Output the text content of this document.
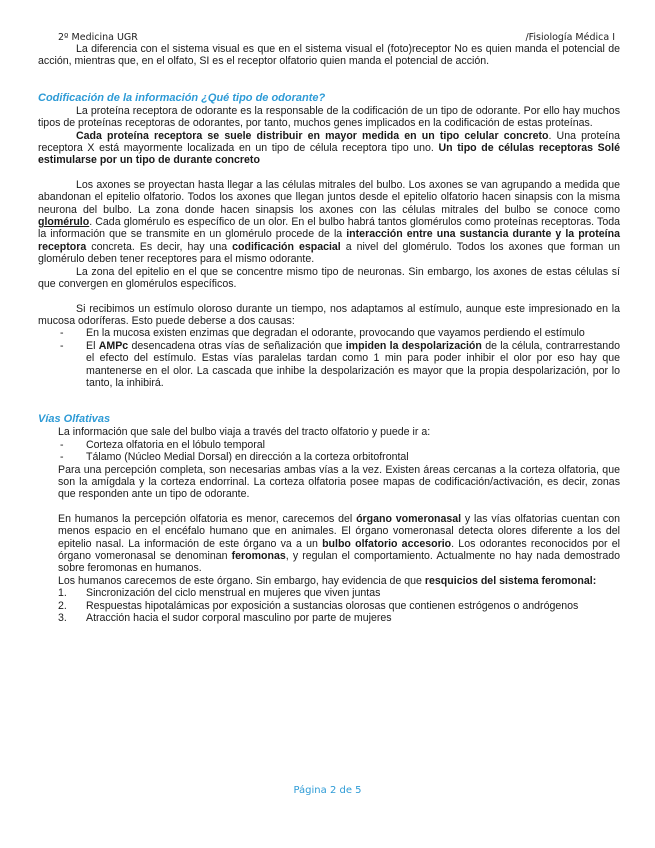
2º Medicina UGR	/Fisiología Médica I

La diferencia con el sistema visual es que en el sistema visual el (foto)receptor No es quien manda el potencial de acción, mientras que, en el olfato, SI es el receptor olfatorio quien manda el potencial de acción.

Codificación de la información ¿Qué tipo de odorante?

La proteína receptora de odorante es la responsable de la codificación de un tipo de odorante. Por ello hay muchos tipos de proteínas receptoras de odorantes, por tanto, muchos genes implicados en la codificación de estas proteínas.

Cada proteína receptora se suele distribuir en mayor medida en un tipo celular concreto. Una proteína receptora X está mayormente localizada en un tipo de célula receptora tipo uno. Un tipo de células receptoras Solé estimularse por un tipo de durante concreto

Los axones se proyectan hasta llegar a las células mitrales del bulbo. Los axones se van agrupando a medida que abandonan el epitelio olfatorio. Todos los axones que llegan juntos desde el epitelio olfatorio hacen sinapsis con la misma neurona del bulbo. La zona donde hacen sinapsis los axones con las células mitrales del bulbo se conoce como glomérulo. Cada glomérulo es específico de un olor. En el bulbo habrá tantos glomérulos como proteínas receptoras. Toda la información que se transmite en un glomérulo procede de la interacción entre una sustancia durante y la proteína receptora concreta. Es decir, hay una codificación espacial a nivel del glomérulo. Todos los axones que forman un glomérulo deben tener receptores para el mismo odorante.

La zona del epitelio en el que se concentre mismo tipo de neuronas. Sin embargo, los axones de estas células sí que convergen en glomérulos específicos.

Si recibimos un estímulo oloroso durante un tiempo, nos adaptamos al estímulo, aunque este impresionado en la mucosa odoríferas. Esto puede deberse a dos causas:

- En la mucosa existen enzimas que degradan el odorante, provocando que vayamos perdiendo el estímulo
- El AMPc desencadena otras vías de señalización que impiden la despolarización de la célula, contrarrestando el efecto del estímulo. Estas vías paralelas tardan como 1 min para poder inhibir el olor por eso hay que mantenerse en el olor. La cascada que inhibe la despolarización es mayor que la propia despolarización, por lo tanto, la inhibirá.
Vías Olfativas

La información que sale del bulbo viaja a través del tracto olfatorio y puede ir a:

- Corteza olfatoria en el lóbulo temporal
- Tálamo (Núcleo Medial Dorsal) en dirección a la corteza orbitofrontal

Para una percepción completa, son necesarias ambas vías a la vez. Existen áreas cercanas a la corteza olfatoria, que son la amígdala y la corteza endorrinal. La corteza olfatoria posee mapas de codificación/activación, es decir, zonas que responden ante un tipo de odorante.

En humanos la percepción olfatoria es menor, carecemos del órgano vomeronasal y las vías olfatorias cuentan con menos espacio en el encéfalo humano que en animales. El órgano vomeronasal detecta olores diferente a los del epitelio nasal. La información de este órgano va a un bulbo olfatorio accesorio. Los odorantes reconocidos por el órgano vomeronasal se denominan feromonas, y regulan el comportamiento. Actualmente no hay nada demostrado sobre feromonas en humanos.

Los humanos carecemos de este órgano. Sin embargo, hay evidencia de que resquicios del sistema feromonal:

1. Sincronización del ciclo menstrual en mujeres que viven juntas
2. Respuestas hipotalámicas por exposición a sustancias olorosas que contienen estrógenos o andrógenos
3. Atracción hacia el sudor corporal masculino por parte de mujeres
Página 2 de 5
